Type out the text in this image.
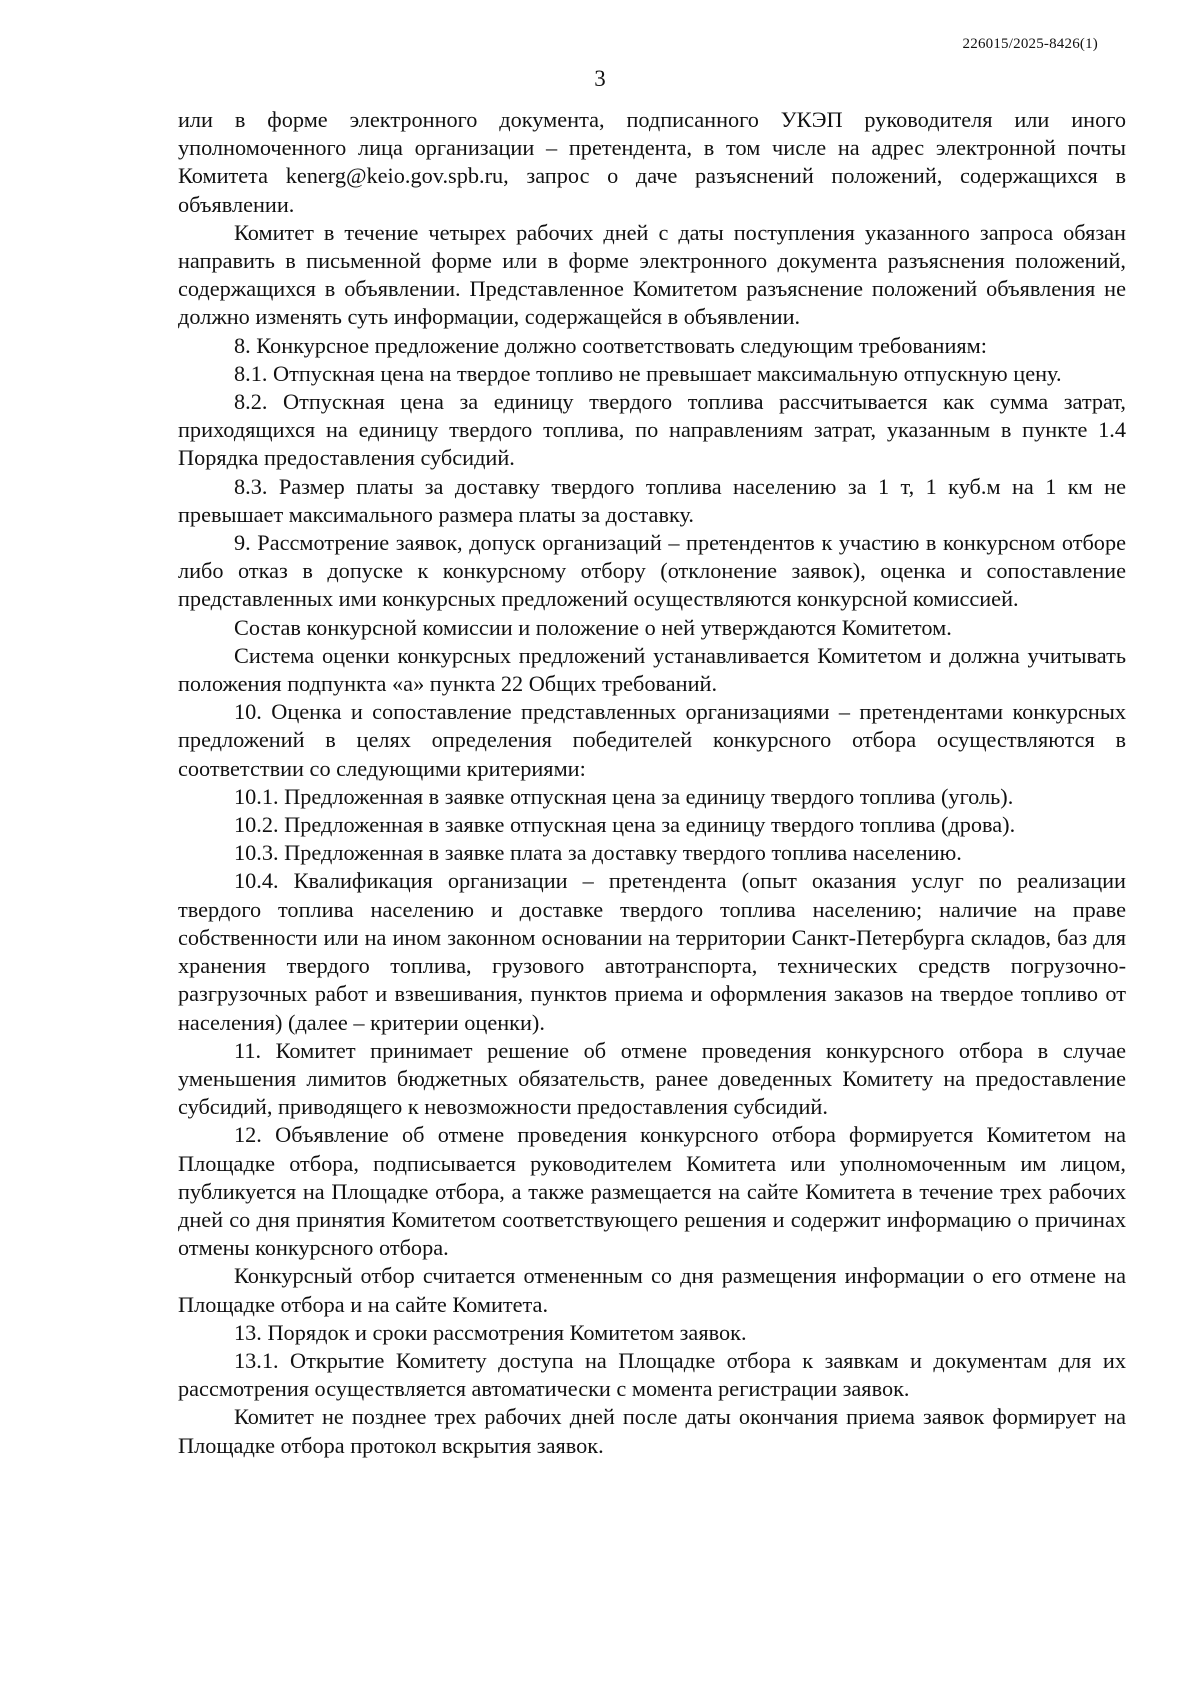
226015/2025-8426(1)
3

или в форме электронного документа, подписанного УКЭП руководителя или иного уполномоченного лица организации – претендента, в том числе на адрес электронной почты Комитета kenerg@keio.gov.spb.ru, запрос о даче разъяснений положений, содержащихся в объявлении.

Комитет в течение четырех рабочих дней с даты поступления указанного запроса обязан направить в письменной форме или в форме электронного документа разъяснения положений, содержащихся в объявлении. Представленное Комитетом разъяснение положений объявления не должно изменять суть информации, содержащейся в объявлении.

8. Конкурсное предложение должно соответствовать следующим требованиям:

8.1. Отпускная цена на твердое топливо не превышает максимальную отпускную цену.

8.2. Отпускная цена за единицу твердого топлива рассчитывается как сумма затрат, приходящихся на единицу твердого топлива, по направлениям затрат, указанным в пункте 1.4 Порядка предоставления субсидий.

8.3. Размер платы за доставку твердого топлива населению за 1 т, 1 куб.м на 1 км не превышает максимального размера платы за доставку.

9. Рассмотрение заявок, допуск организаций – претендентов к участию в конкурсном отборе либо отказ в допуске к конкурсному отбору (отклонение заявок), оценка и сопоставление представленных ими конкурсных предложений осуществляются конкурсной комиссией.

Состав конкурсной комиссии и положение о ней утверждаются Комитетом.

Система оценки конкурсных предложений устанавливается Комитетом и должна учитывать положения подпункта «а» пункта 22 Общих требований.

10. Оценка и сопоставление представленных организациями – претендентами конкурсных предложений в целях определения победителей конкурсного отбора осуществляются в соответствии со следующими критериями:

10.1. Предложенная в заявке отпускная цена за единицу твердого топлива (уголь).

10.2. Предложенная в заявке отпускная цена за единицу твердого топлива (дрова).

10.3. Предложенная в заявке плата за доставку твердого топлива населению.

10.4. Квалификация организации – претендента (опыт оказания услуг по реализации твердого топлива населению и доставке твердого топлива населению; наличие на праве собственности или на ином законном основании на территории Санкт-Петербурга складов, баз для хранения твердого топлива, грузового автотранспорта, технических средств погрузочно-разгрузочных работ и взвешивания, пунктов приема и оформления заказов на твердое топливо от населения) (далее – критерии оценки).

11. Комитет принимает решение об отмене проведения конкурсного отбора в случае уменьшения лимитов бюджетных обязательств, ранее доведенных Комитету на предоставление субсидий, приводящего к невозможности предоставления субсидий.

12. Объявление об отмене проведения конкурсного отбора формируется Комитетом на Площадке отбора, подписывается руководителем Комитета или уполномоченным им лицом, публикуется на Площадке отбора, а также размещается на сайте Комитета в течение трех рабочих дней со дня принятия Комитетом соответствующего решения и содержит информацию о причинах отмены конкурсного отбора.

Конкурсный отбор считается отмененным со дня размещения информации о его отмене на Площадке отбора и на сайте Комитета.

13. Порядок и сроки рассмотрения Комитетом заявок.

13.1. Открытие Комитету доступа на Площадке отбора к заявкам и документам для их рассмотрения осуществляется автоматически с момента регистрации заявок.

Комитет не позднее трех рабочих дней после даты окончания приема заявок формирует на Площадке отбора протокол вскрытия заявок.
